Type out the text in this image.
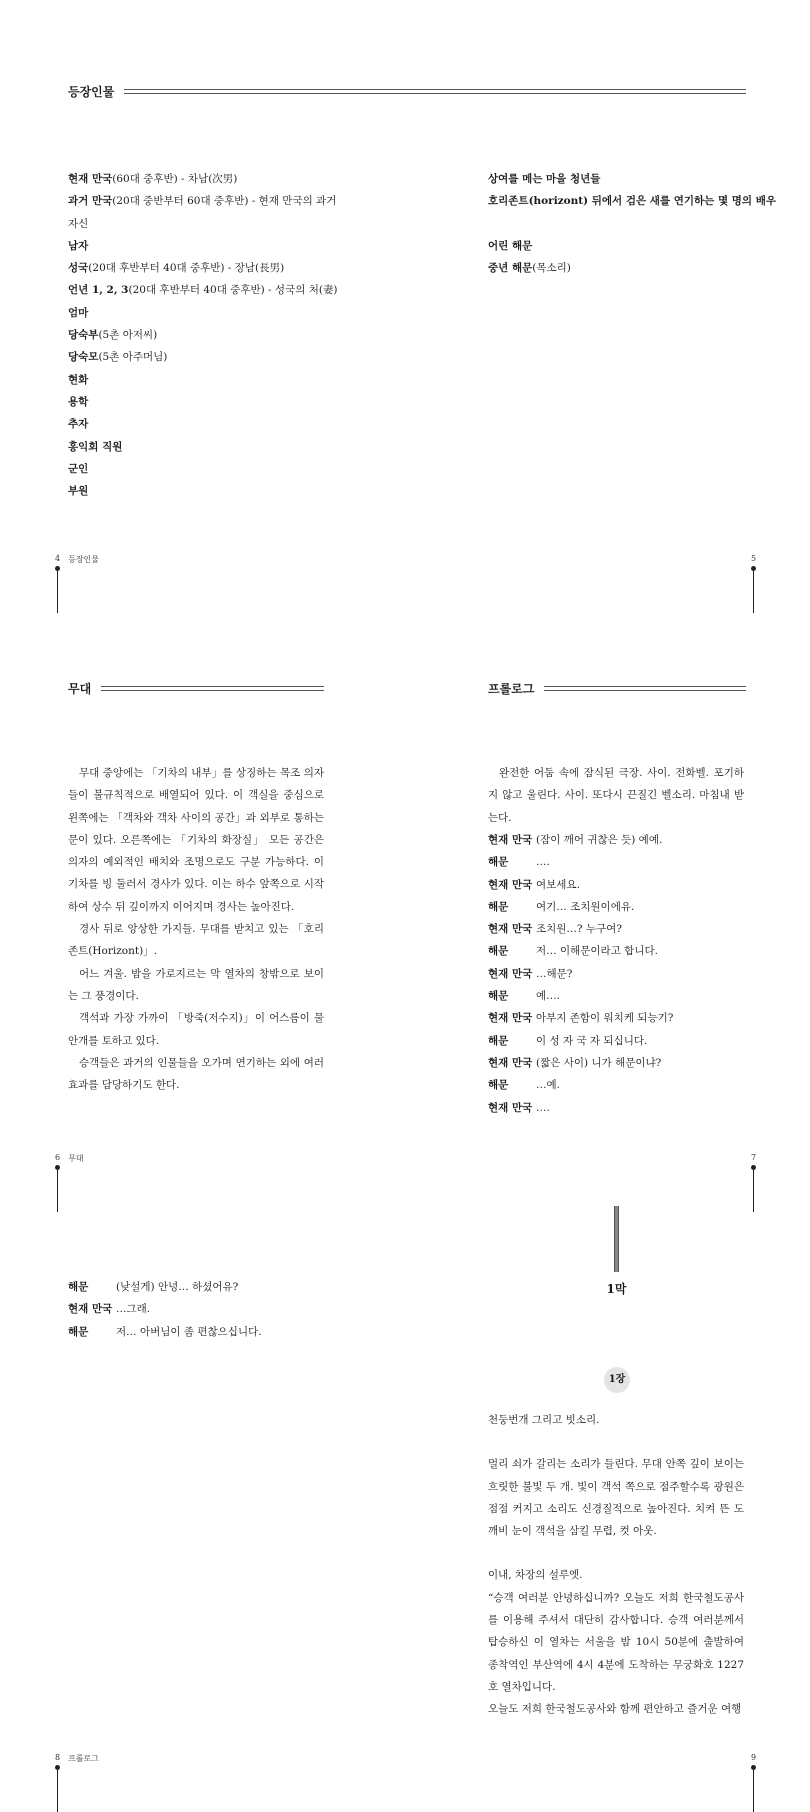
등장인물
현재 만국(60대 중후반) - 차남(次男)
과거 만국(20대 중반부터 60대 중후반) - 현재 만국의 과거
자신
남자
성국(20대 후반부터 40대 중후반) - 장남(長男)
언년 1, 2, 3(20대 후반부터 40대 중후반) - 성국의 처(妻)
엄마
당숙부(5촌 아저씨)
당숙모(5촌 아주머님)
현화
용학
추자
홍익회 직원
군인
부원
상여를 메는 마을 청년들
호리존트(horizont) 뒤에서 검은 새를 연기하는 몇 명의 배우

어린 해문
중년 해문(목소리)
4 등장인물	5
무대

무대 중앙에는 「기차의 내부」를 상징하는 목조 의자들이 불규칙적으로 배열되어 있다. 이 객실을 중심으로 왼쪽에는 「객차와 객차 사이의 공간」과 외부로 통하는 문이 있다. 오른쪽에는 「기차의 화장실」 모든 공간은 의자의 예외적인 배치와 조명으로도 구분 가능하다. 이 기차를 빙 둘러서 경사가 있다. 이는 하수 앞쪽으로 시작하여 상수 뒤 깊이까지 이어지며 경사는 높아진다.

경사 뒤로 앙상한 가지들. 무대를 받치고 있는 「호리존트(Horizont)」.

어느 겨울. 밤을 가로지르는 막 열차의 창밖으로 보이는 그 풍경이다.

객석과 가장 가까이 「방죽(저수지)」이 어스름이 물안개를 토하고 있다.

승객들은 과거의 인물들을 오가며 연기하는 외에 여러 효과를 담당하기도 한다.

프롤로그

완전한 어둠 속에 잠식된 극장. 사이. 전화벨. 포기하지 않고 울린다. 사이. 또다시 끈질긴 벨소리. 마침내 받는다.

현재 만국 (잠이 깨어 귀찮은 듯) 예예.
해문	….
현재 만국 여보세요.
해문	여기… 조치원이에유.
현재 만국 조치원…? 누구여?
해문	저… 이해문이라고 합니다.
현재 만국 …해문?
해문	예….
현재 만국 아부지 존함이 워치케 되능기?
해문	이 성 자 국 자 되십니다.
현재 만국 (짧은 사이) 니가 해문이냐?
해문	…예.
현재 만국 ….
6 무대	7
해문	(낮설게) 안녕… 하셨어유?
현재 만국 …그래.
해문	저… 아버님이 좀 편찮으십니다.
8 프롤로그	9
1막
1장
천둥번개 그리고 빗소리.
멀리 쇠가 갈리는 소리가 들린다. 무대 안쪽 깊이 보이는 흐릿한 불빛 두 개. 빛이 객석 쪽으로 점주할수록 광원은 점점 커지고 소리도 신경질적으로 높아진다. 치켜 뜬 도깨비 눈이 객석을 삼킬 무렵, 컷 아웃.
이내, 차장의 설루엣.
“승객 여러분 안녕하십니까? 오늘도 저희 한국철도공사를 이용해 주셔서 대단히 감사합니다. 승객 여러분께서 탑승하신 이 열차는 서울을 밤 10시 50분에 출발하여 종착역인 부산역에 4시 4분에 도착하는 무궁화호 1227호 열차입니다.
오늘도 저희 한국철도공사와 함께 편안하고 즐거운 여행
